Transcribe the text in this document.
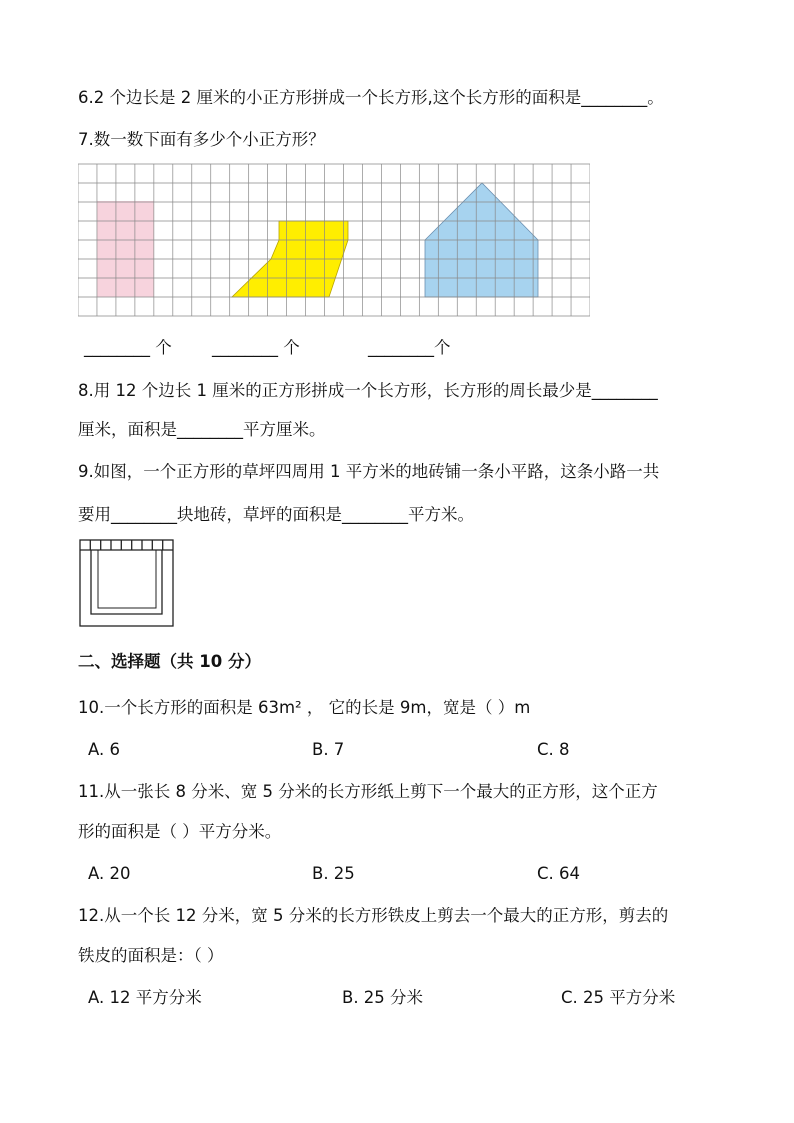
6.2 个边长是 2 厘米的小正方形拼成一个长方形,这个长方形的面积是________。
7.数一数下面有多少个小正方形？
________ 个 ________ 个	________个
8.用 12 个边长 1 厘米的正方形拼成一个长方形，长方形的周长最少是________
厘米，面积是________平方厘米。
9.如图，一个正方形的草坪四周用 1 平方米的地砖铺一条小平路，这条小路一共
要用________块地砖，草坪的面积是________平方米。
二、选择题（共 10 分）
10.一个长方形的面积是 63m² ， 它的长是 9m，宽是（ ）m
A. 6	B. 7	C. 8
11.从一张长 8 分米、宽 5 分米的长方形纸上剪下一个最大的正方形，这个正方
形的面积是（ ）平方分米。
A. 20	B. 25	C. 64
12.从一个长 12 分米，宽 5 分米的长方形铁皮上剪去一个最大的正方形，剪去的
铁皮的面积是：（ ）
A. 12 平方分米	B. 25 分米	C. 25 平方分米
